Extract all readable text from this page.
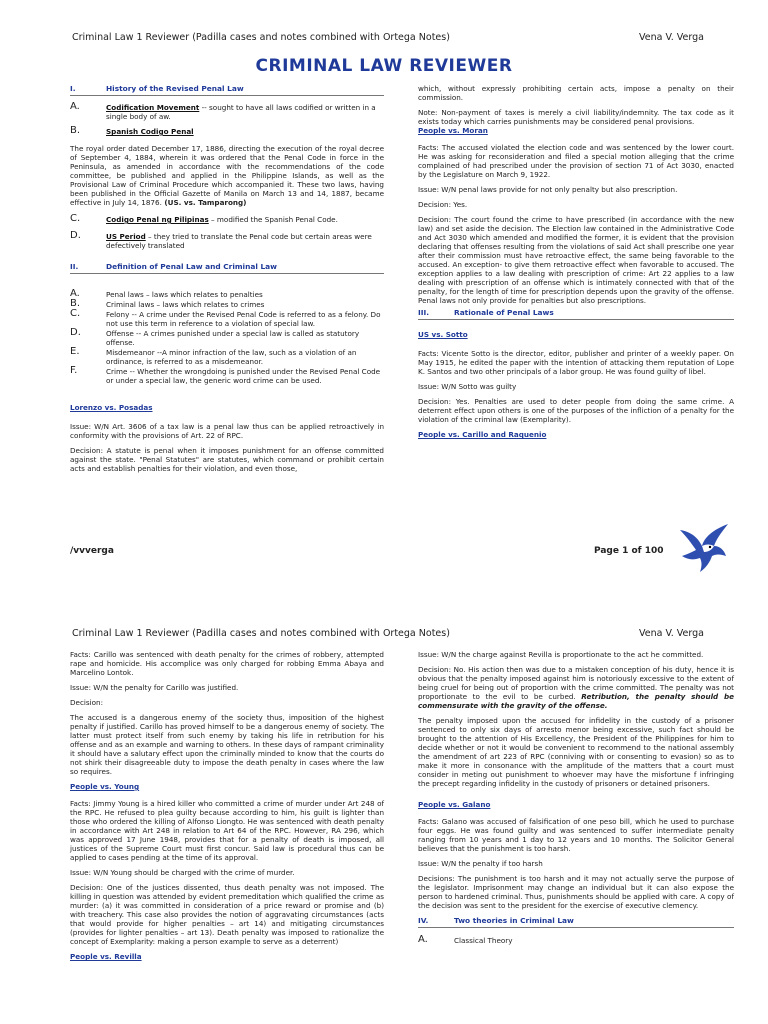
Criminal Law 1 Reviewer (Padilla cases and notes combined with Ortega Notes)	Vena V. Verga
CRIMINAL LAW REVIEWER
I.	History of the Revised Penal Law
A.	Codification Movement -- sought to have all laws codified or written in a single body of aw.
B.	Spanish Codigo Penal

The royal order dated December 17, 1886, directing the execution of the royal decree of September 4, 1884, wherein it was ordered that the Penal Code in force in the Peninsula, as amended in accordance with the recommendations of the code committee, be published and applied in the Philippine Islands, as well as the Provisional Law of Criminal Procedure which accompanied it. These two laws, having been published in the Official Gazette of Manila on March 13 and 14, 1887, became effective in July 14, 1876. (US. vs. Tamparong)

C.	Codigo Penal ng Pilipinas – modified the Spanish Penal Code.
D.	US Period – they tried to translate the Penal code but certain areas were defectively translated
II.	Definition of Penal Law and Criminal Law
A.	Penal laws – laws which relates to penalties
B.	Criminal laws – laws which relates to crimes
C.	Felony -- A crime under the Revised Penal Code is referred to as a felony. Do not use this term in reference to a violation of special law.
D.	Offense -- A crimes punished under a special law is called as statutory offense.
E.	Misdemeanor --A minor infraction of the law, such as a violation of an ordinance, is referred to as a misdemeanor.
F.	Crime -- Whether the wrongdoing is punished under the Revised Penal Code or under a special law, the generic word crime can be used.
Lorenzo vs. Posadas

Issue: W/N Art. 3606 of a tax law is a penal law thus can be applied retroactively in conformity with the provisions of Art. 22 of RPC.

Decision: A statute is penal when it imposes punishment for an offense committed against the state. "Penal Statutes" are statutes, which command or prohibit certain acts and establish penalties for their violation, and even those,

which, without expressly prohibiting certain acts, impose a penalty on their commission.

Note: Non-payment of taxes is merely a civil liability/indemnity. The tax code as it exists today which carries punishments may be considered penal provisions.

People vs. Moran

Facts: The accused violated the election code and was sentenced by the lower court. He was asking for reconsideration and filed a special motion alleging that the crime complained of had prescribed under the provision of section 71 of Act 3030, enacted by the Legislature on March 9, 1922.

Issue: W/N penal laws provide for not only penalty but also prescription.

Decision: Yes.

Decision: The court found the crime to have prescribed (in accordance with the new law) and set aside the decision. The Election law contained in the Administrative Code and Act 3030 which amended and modified the former, it is evident that the provision declaring that offenses resulting from the violations of said Act shall prescribe one year after their commission must have retroactive effect, the same being favorable to the accused. An exception- to give them retroactive effect when favorable to accused. The exception applies to a law dealing with prescription of crime: Art 22 applies to a law dealing with prescription of an offense which is intimately connected with that of the penalty, for the length of time for prescription depends upon the gravity of the offense. Penal laws not only provide for penalties but also prescriptions.

III.	Rationale of Penal Laws
US vs. Sotto

Facts: Vicente Sotto is the director, editor, publisher and printer of a weekly paper. On May 1915, he edited the paper with the intention of attacking them reputation of Lope K. Santos and two other principals of a labor group. He was found guilty of libel.

Issue: W/N Sotto was guilty

Decision: Yes. Penalties are used to deter people from doing the same crime. A deterrent effect upon others is one of the purposes of the infliction of a penalty for the violation of the criminal law (Exemplarity).

People vs. Carillo and Raquenio
/vvverga	Page 1 of 100
Criminal Law 1 Reviewer (Padilla cases and notes combined with Ortega Notes)	Vena V. Verga

Facts: Carillo was sentenced with death penalty for the crimes of robbery, attempted rape and homicide. His accomplice was only charged for robbing Emma Abaya and Marcelino Lontok.

Issue: W/N the penalty for Carillo was justified.

Decision:

The accused is a dangerous enemy of the society thus, imposition of the highest penalty if justified. Carillo has proved himself to be a dangerous enemy of society. The latter must protect itself from such enemy by taking his life in retribution for his offense and as an example and warning to others. In these days of rampant criminality it should have a salutary effect upon the criminally minded to know that the courts do not shirk their disagreeable duty to impose the death penalty in cases where the law so requires.

People vs. Young

Facts: Jimmy Young is a hired killer who committed a crime of murder under Art 248 of the RPC. He refused to plea guilty because according to him, his guilt is lighter than those who ordered the killing of Alfonso Liongto. He was sentenced with death penalty in accordance with Art 248 in relation to Art 64 of the RPC. However, RA 296, which was approved 17 June 1948, provides that for a penalty of death is imposed, all justices of the Supreme Court must first concur. Said law is procedural thus can be applied to cases pending at the time of its approval.

Issue: W/N Young should be charged with the crime of murder.

Decision: One of the justices dissented, thus death penalty was not imposed. The killing in question was attended by evident premeditation which qualified the crime as murder: (a) it was committed in consideration of a price reward or promise and (b) with treachery. This case also provides the notion of aggravating circumstances (acts that would provide for higher penalties – art 14) and mitigating circumstances (provides for lighter penalties – art 13). Death penalty was imposed to rationalize the concept of Exemplarity: making a person example to serve as a deterrent)

People vs. Revilla

Issue: W/N the charge against Revilla is proportionate to the act he committed.

Decision: No. His action then was due to a mistaken conception of his duty, hence it is obvious that the penalty imposed against him is notoriously excessive to the extent of being cruel for being out of proportion with the crime committed. The penalty was not proportionate to the evil to be curbed. Retribution, the penalty should be commensurate with the gravity of the offense.

The penalty imposed upon the accused for infidelity in the custody of a prisoner sentenced to only six days of arresto menor being excessive, such fact should be brought to the attention of His Excellency, the President of the Philippines for him to decide whether or not it would be convenient to recommend to the national assembly the amendment of art 223 of RPC (conniving with or consenting to evasion) so as to make it more in consonance with the amplitude of the matters that a court must consider in meting out punishment to whoever may have the misfortune f infringing the precept regarding infidelity in the custody of prisoners or detained prisoners.

People vs. Galano

Facts: Galano was accused of falsification of one peso bill, which he used to purchase four eggs. He was found guilty and was sentenced to suffer intermediate penalty ranging from 10 years and 1 day to 12 years and 10 months. The Solicitor General believes that the punishment is too harsh.

Issue: W/N the penalty if too harsh

Decisions: The punishment is too harsh and it may not actually serve the purpose of the legislator. Imprisonment may change an individual but it can also expose the person to hardened criminal. Thus, punishments should be applied with care. A copy of the decision was sent to the president for the exercise of executive clemency.

IV.	Two theories in Criminal Law
A.	Classical Theory
